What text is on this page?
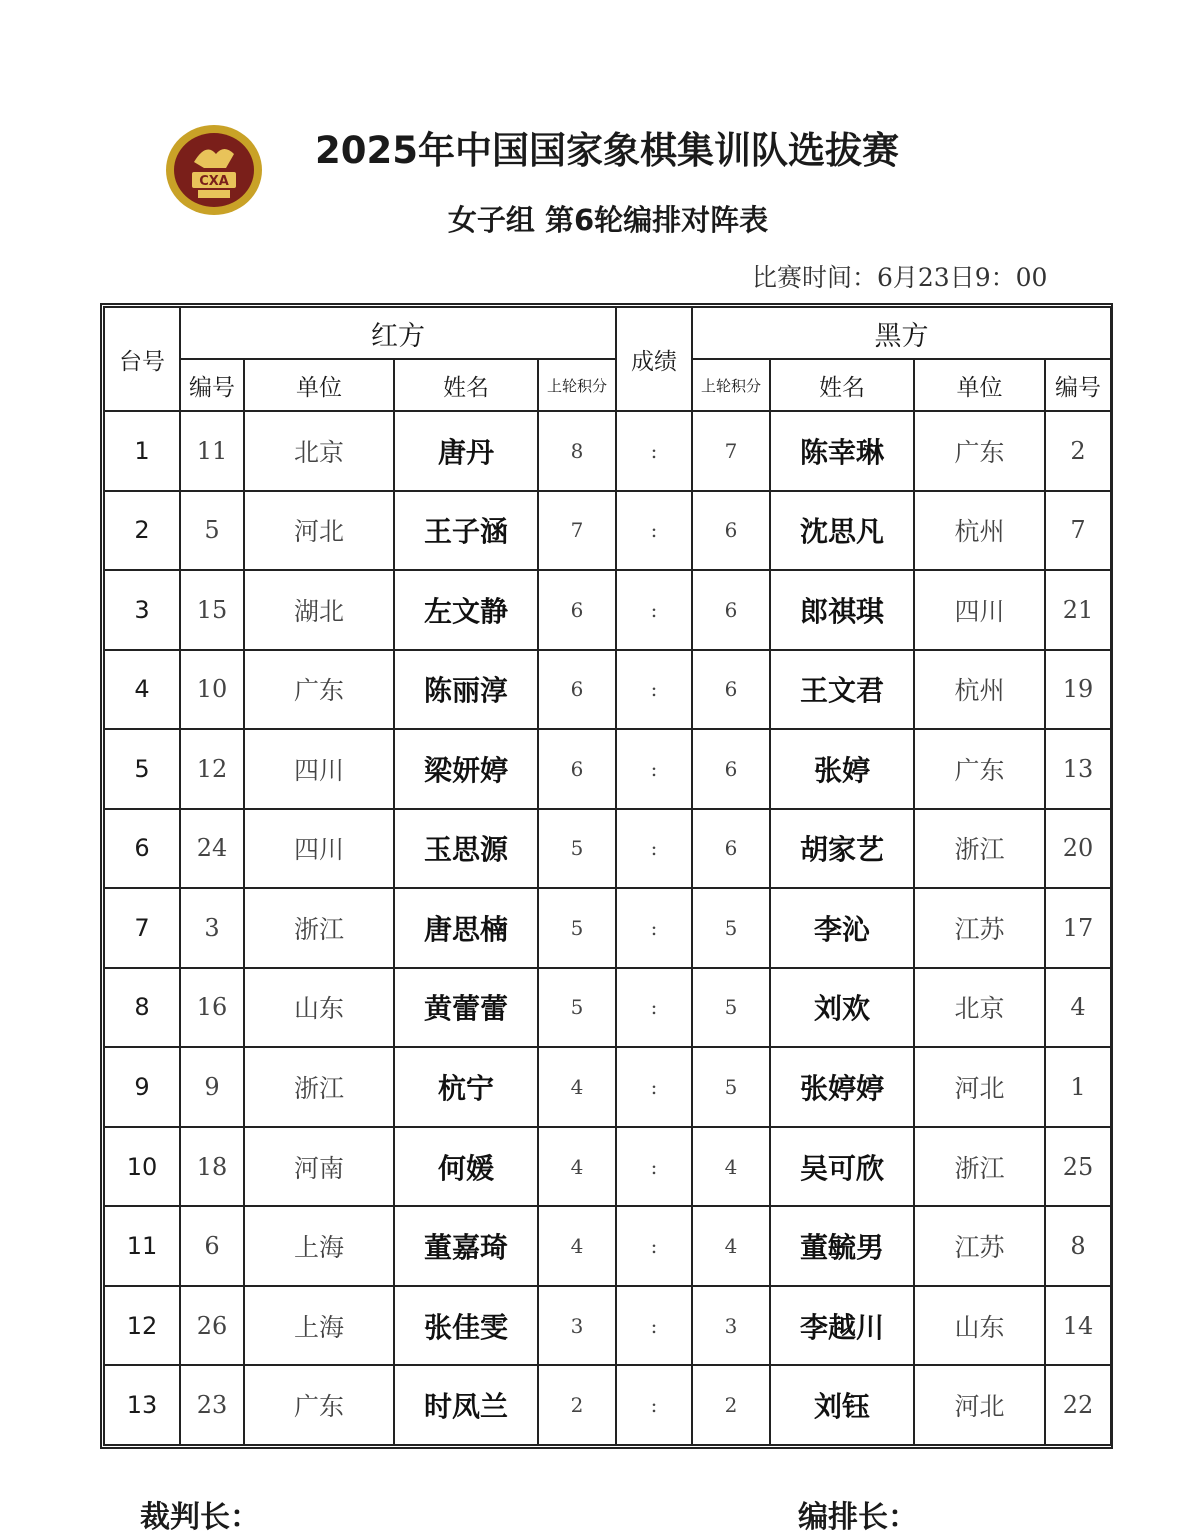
CXA
2025年中国国家象棋集训队选拔赛
女子组 第6轮编排对阵表
比赛时间：6月23日9：00
台号	红方				成绩	黑方			
	编号	单位	姓名	上轮积分		上轮积分	姓名	单位	编号
1	11	北京	唐丹	8	:	7	陈幸琳	广东	2
2	5	河北	王子涵	7	:	6	沈思凡	杭州	7
3	15	湖北	左文静	6	:	6	郎祺琪	四川	21
4	10	广东	陈丽淳	6	:	6	王文君	杭州	19
5	12	四川	梁妍婷	6	:	6	张婷	广东	13
6	24	四川	玉思源	5	:	6	胡家艺	浙江	20
7	3	浙江	唐思楠	5	:	5	李沁	江苏	17
8	16	山东	黄蕾蕾	5	:	5	刘欢	北京	4
9	9	浙江	杭宁	4	:	5	张婷婷	河北	1
10	18	河南	何媛	4	:	4	吴可欣	浙江	25
11	6	上海	董嘉琦	4	:	4	董毓男	江苏	8
12	26	上海	张佳雯	3	:	3	李越川	山东	14
13	23	广东	时凤兰	2	:	2	刘钰	河北	22
裁判长：	编排长：
